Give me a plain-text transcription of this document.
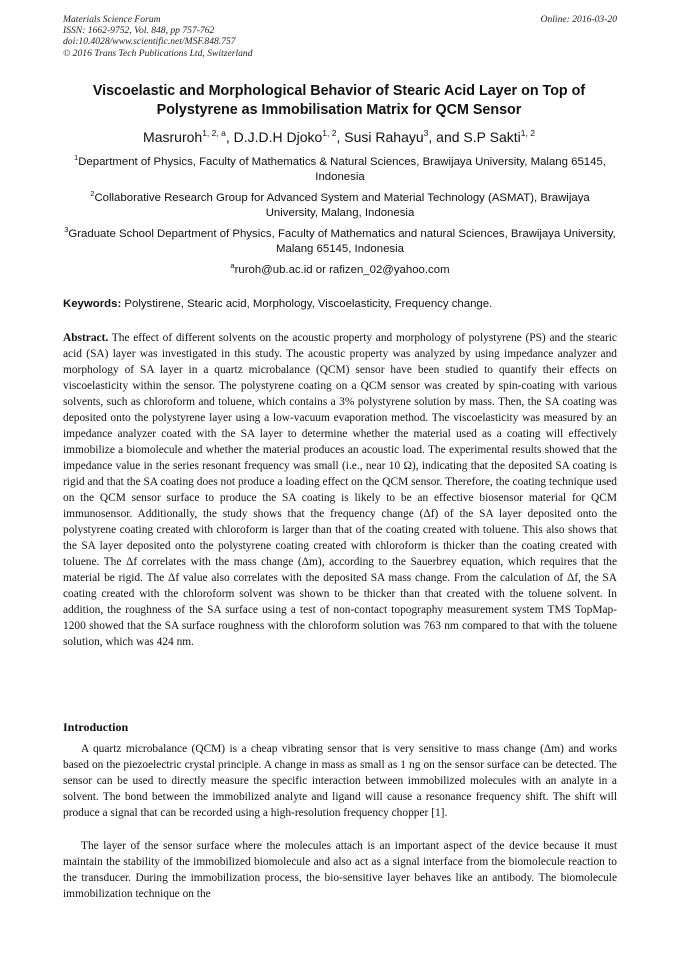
Materials Science Forum
ISSN: 1662-9752, Vol. 848, pp 757-762
doi:10.4028/www.scientific.net/MSF.848.757
© 2016 Trans Tech Publications Ltd, Switzerland
Online: 2016-03-20
Viscoelastic and Morphological Behavior of Stearic Acid Layer on Top of Polystyrene as Immobilisation Matrix for QCM Sensor
Masruroh$^{1, 2, a}$, D.J.D.H Djoko$^{1, 2}$, Susi Rahayu$^3$, and S.P Sakti$^{1, 2}$
$^1$Department of Physics, Faculty of Mathematics & Natural Sciences, Brawijaya University, Malang 65145, Indonesia
$^2$Collaborative Research Group for Advanced System and Material Technology (ASMAT), Brawijaya University, Malang, Indonesia
$^3$Graduate School Department of Physics, Faculty of Mathematics and natural Sciences, Brawijaya University, Malang 65145, Indonesia
$^a$ruroh@ub.ac.id or rafizen_02@yahoo.com
Keywords: Polystirene, Stearic acid, Morphology, Viscoelasticity, Frequency change.
Abstract. The effect of different solvents on the acoustic property and morphology of polystyrene (PS) and the stearic acid (SA) layer was investigated in this study. The acoustic property was analyzed by using impedance analyzer and morphology of SA layer in a quartz microbalance (QCM) sensor have been studied to quantify their effects on viscoelasticity within the sensor. The polystyrene coating on a QCM sensor was created by spin-coating with various solvents, such as chloroform and toluene, which contains a 3% polystyrene solution by mass. Then, the SA coating was deposited onto the polystyrene layer using a low-vacuum evaporation method. The viscoelasticity was measured by an impedance analyzer coated with the SA layer to determine whether the material used as a coating will effectively immobilize a biomolecule and whether the material produces an acoustic load. The experimental results showed that the impedance value in the series resonant frequency was small (i.e., near 10 Ω), indicating that the deposited SA coating is rigid and that the SA coating does not produce a loading effect on the QCM sensor. Therefore, the coating technique used on the QCM sensor surface to produce the SA coating is likely to be an effective biosensor material for QCM immunosensor. Additionally, the study shows that the frequency change (Δf) of the SA layer deposited onto the polystyrene coating created with chloroform is larger than that of the coating created with toluene. This also shows that the SA layer deposited onto the polystyrene coating created with chloroform is thicker than the coating created with toluene. The Δf correlates with the mass change (Δm), according to the Sauerbrey equation, which requires that the material be rigid. The Δf value also correlates with the deposited SA mass change. From the calculation of Δf, the SA coating created with the chloroform solvent was shown to be thicker than that created with the toluene solvent. In addition, the roughness of the SA surface using a test of non-contact topography measurement system TMS TopMap-1200 showed that the SA surface roughness with the chloroform solution was 763 nm compared to that with the toluene solution, which was 424 nm.
Introduction
A quartz microbalance (QCM) is a cheap vibrating sensor that is very sensitive to mass change (Δm) and works based on the piezoelectric crystal principle. A change in mass as small as 1 ng on the sensor surface can be detected. The sensor can be used to directly measure the specific interaction between immobilized molecules with an analyte in a solvent. The bond between the immobilized analyte and ligand will cause a resonance frequency shift. The shift will produce a signal that can be recorded using a high-resolution frequency chopper [1].
The layer of the sensor surface where the molecules attach is an important aspect of the device because it must maintain the stability of the immobilized biomolecule and also act as a signal interface from the biomolecule reaction to the transducer. During the immobilization process, the bio-sensitive layer behaves like an antibody. The biomolecule immobilization technique on the
